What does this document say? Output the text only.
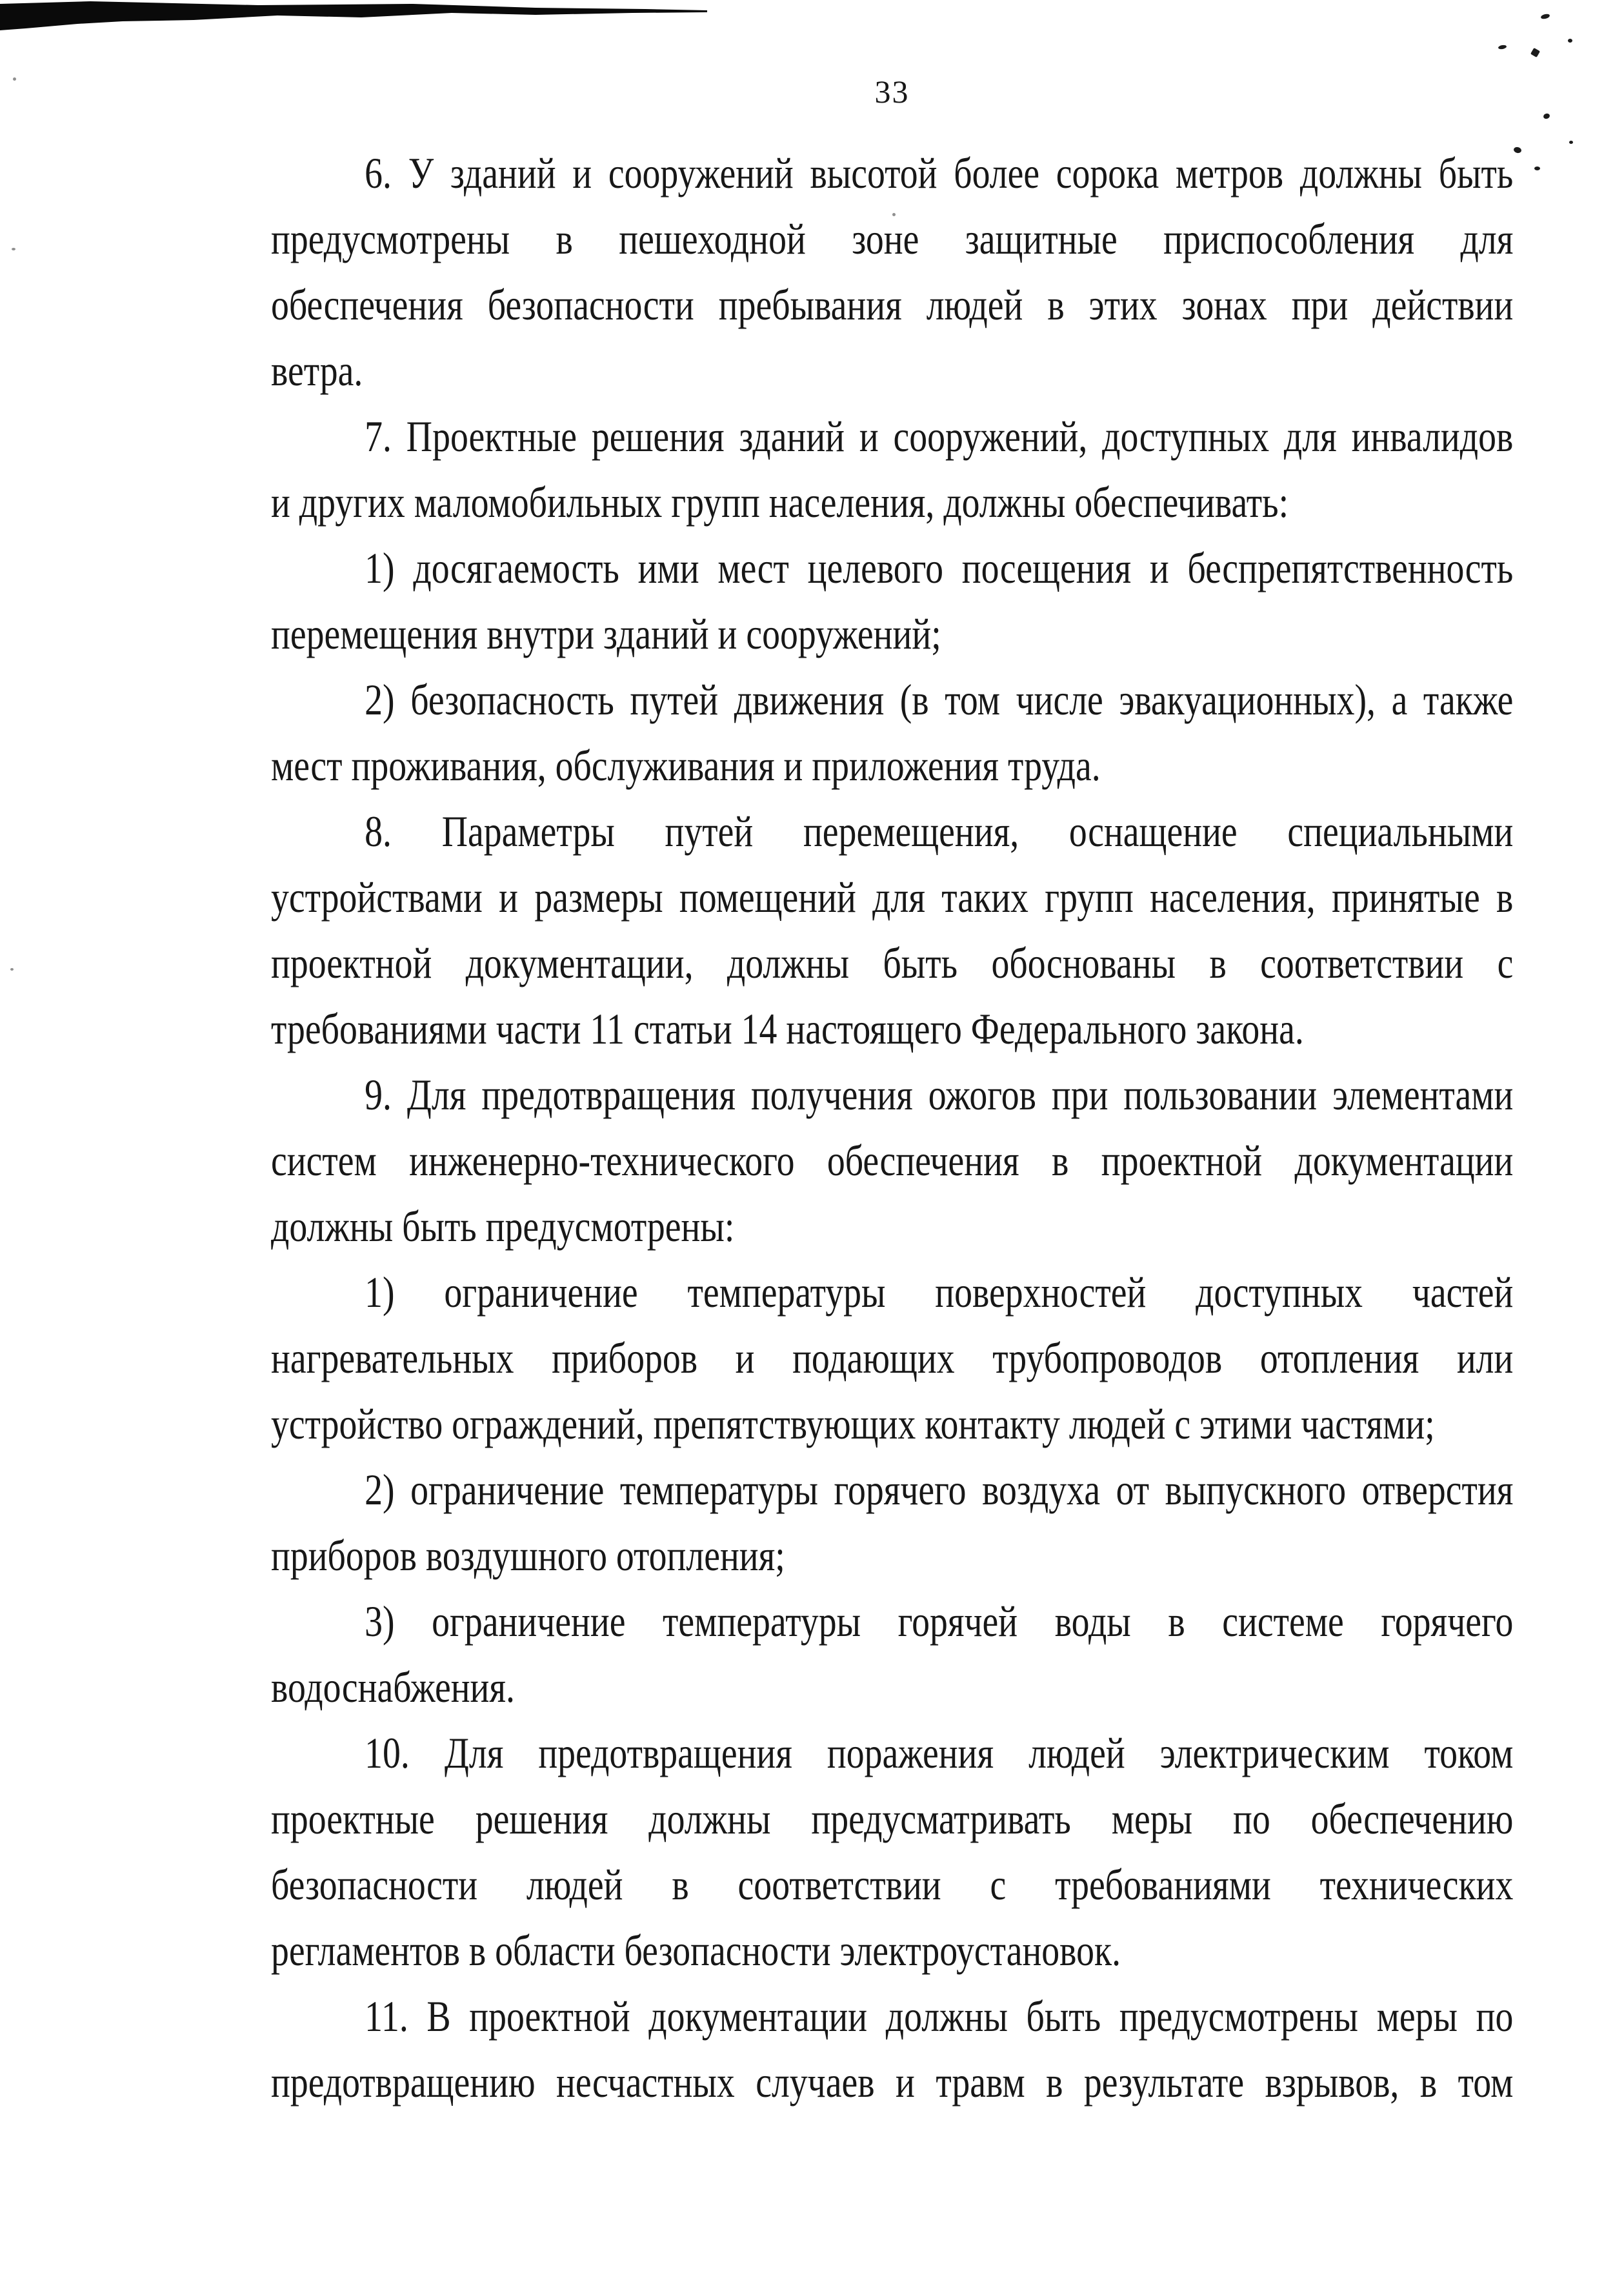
33

6. У зданий и сооружений высотой более сорока метров должны быть

предусмотрены в пешеходной зоне защитные приспособления для

обеспечения безопасности пребывания людей в этих зонах при действии

ветра.

7. Проектные решения зданий и сооружений, доступных для инвалидов

и других маломобильных групп населения, должны обеспечивать:

1) досягаемость ими мест целевого посещения и беспрепятственность

перемещения внутри зданий и сооружений;

2) безопасность путей движения (в том числе эвакуационных), а также

мест проживания, обслуживания и приложения труда.

8. Параметры путей перемещения, оснащение специальными

устройствами и размеры помещений для таких групп населения, принятые в

проектной документации, должны быть обоснованы в соответствии с

требованиями части 11 статьи 14 настоящего Федерального закона.

9. Для предотвращения получения ожогов при пользовании элементами

систем инженерно-технического обеспечения в проектной документации

должны быть предусмотрены:

1) ограничение температуры поверхностей доступных частей

нагревательных приборов и подающих трубопроводов отопления или

устройство ограждений, препятствующих контакту людей с этими частями;

2) ограничение температуры горячего воздуха от выпускного отверстия

приборов воздушного отопления;

3) ограничение температуры горячей воды в системе горячего

водоснабжения.

10. Для предотвращения поражения людей электрическим током

проектные решения должны предусматривать меры по обеспечению

безопасности людей в соответствии с требованиями технических

регламентов в области безопасности электроустановок.

11. В проектной документации должны быть предусмотрены меры по

предотвращению несчастных случаев и травм в результате взрывов, в том
